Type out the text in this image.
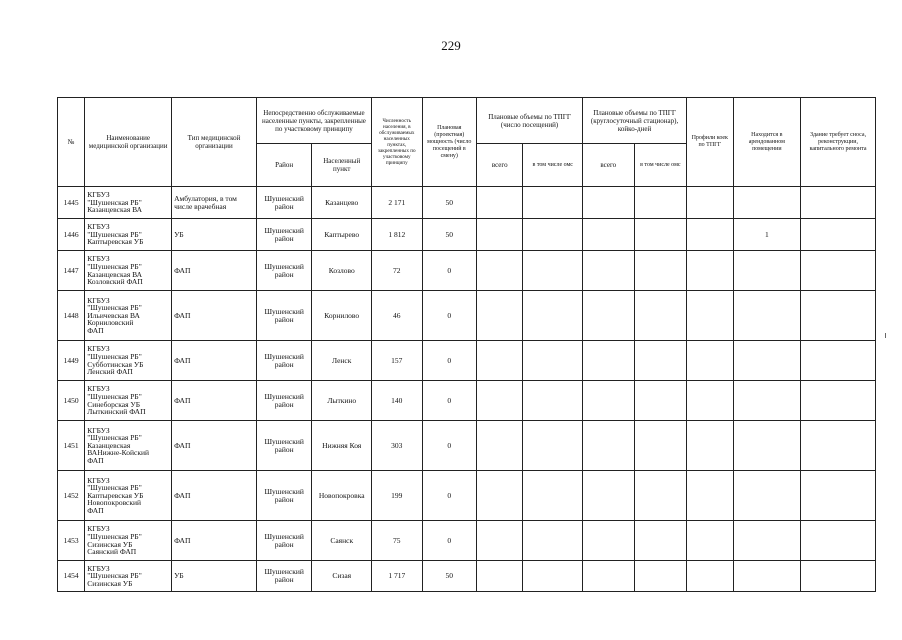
229
№	Наименование медицинской организации	Тип медицинской организации	Непосредственно обслуживаемые населенные пункты, закрепленные по участковому принципу		Численность населения, в обслуживаемых населенных пунктах, закрепленных по участковому принципу	Плановая (проектная) мощность (число посещений в смену)	Плановые объемы по ТПГГ (число посещений)		Плановые объемы по ТПГГ (круглосуточный стационар), койко-дней		Профили коек по ТПГГ	Находится в арендованном помещении	Здание требует сноса, реконструкции, капитального ремонта
			Район	Населенный пункт			всего	в том числе омс	всего	в том числе омс			
1445	КГБУЗ
"Шушенская РБ"
Казанцевская ВА	Амбулатория, в том числе врачебная	Шушенский район	Казанцево	2 171	50							
1446	КГБУЗ
"Шушенская РБ"
Каптыревская УБ	УБ	Шушенский район	Каптырево	1 812	50						1	
1447	КГБУЗ
"Шушенская РБ"
Казанцевская ВА
Козловский ФАП	ФАП	Шушенский район	Козлово	72	0							
1448	КГБУЗ
"Шушенская РБ"
Ильичевская ВА
Корниловский
ФАП	ФАП	Шушенский район	Корнилово	46	0							
1449	КГБУЗ
"Шушенская РБ"
Субботинская УБ
Ленский ФАП	ФАП	Шушенский район	Ленск	157	0							
1450	КГБУЗ
"Шушенская РБ"
Синеборская УБ
Лыткинский ФАП	ФАП	Шушенский район	Лыткино	140	0							
1451	КГБУЗ
"Шушенская РБ"
Казанцевская
ВАНижне-Койский
ФАП	ФАП	Шушенский район	Нижняя Коя	303	0							
1452	КГБУЗ
"Шушенская РБ"
Каптыревская УБ
Новопокровский
ФАП	ФАП	Шушенский район	Новопокровка	199	0							
1453	КГБУЗ
"Шушенская РБ"
Сизинская УБ
Саянский ФАП	ФАП	Шушенский район	Саянск	75	0							
1454	КГБУЗ
"Шушенская РБ"
Сизинская УБ	УБ	Шушенский район	Сизая	1 717	50							
